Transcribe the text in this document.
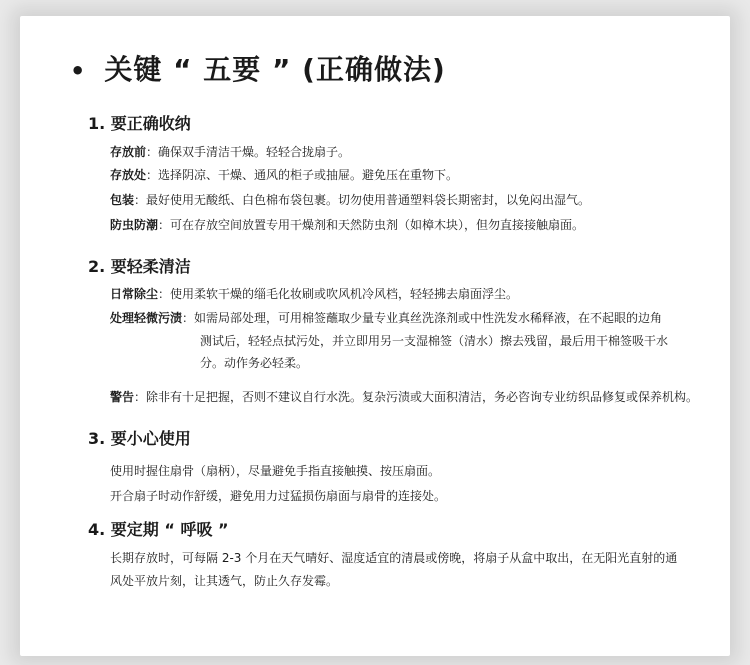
• 关键 “ 五要 ” (正确做法)
1. 要正确收纳
存放前：确保双手清洁干燥。轻轻合拢扇子。
存放处：选择阴凉、干燥、通风的柜子或抽屉。避免压在重物下。
包装：最好使用无酸纸、白色棉布袋包裹。切勿使用普通塑料袋长期密封，以免闷出湿气。
防虫防潮：可在存放空间放置专用干燥剂和天然防虫剂（如樟木块），但勿直接接触扇面。
2. 要轻柔清洁
日常除尘：使用柔软干燥的缁毛化妆刷或吹风机冷风档，轻轻拂去扇面浮尘。
处理轻微污渍：如需局部处理，可用棉签蘸取少量专业真丝洗涤剂或中性洗发水稀释液，在不起眼的边角
测试后，轻轻点拭污处，并立即用另一支湿棉签（清水）擦去残留，最后用干棉签吸干水
分。动作务必轻柔。
警告：除非有十足把握，否则不建议自行水洗。复杂污渍或大面积清洁，务必咨询专业纺织品修复或保养机构。
3. 要小心使用
使用时握住扇骨（扇柄），尽量避免手指直接触摸、按压扇面。
开合扇子时动作舒缓，避免用力过猛损伤扇面与扇骨的连接处。
4. 要定期 “ 呼吸 ”
长期存放时，可每隔 2-3 个月在天气晴好、湿度适宜的清晨或傍晚，将扇子从盒中取出，在无阳光直射的通
风处平放片刻，让其透气，防止久存发霉。
